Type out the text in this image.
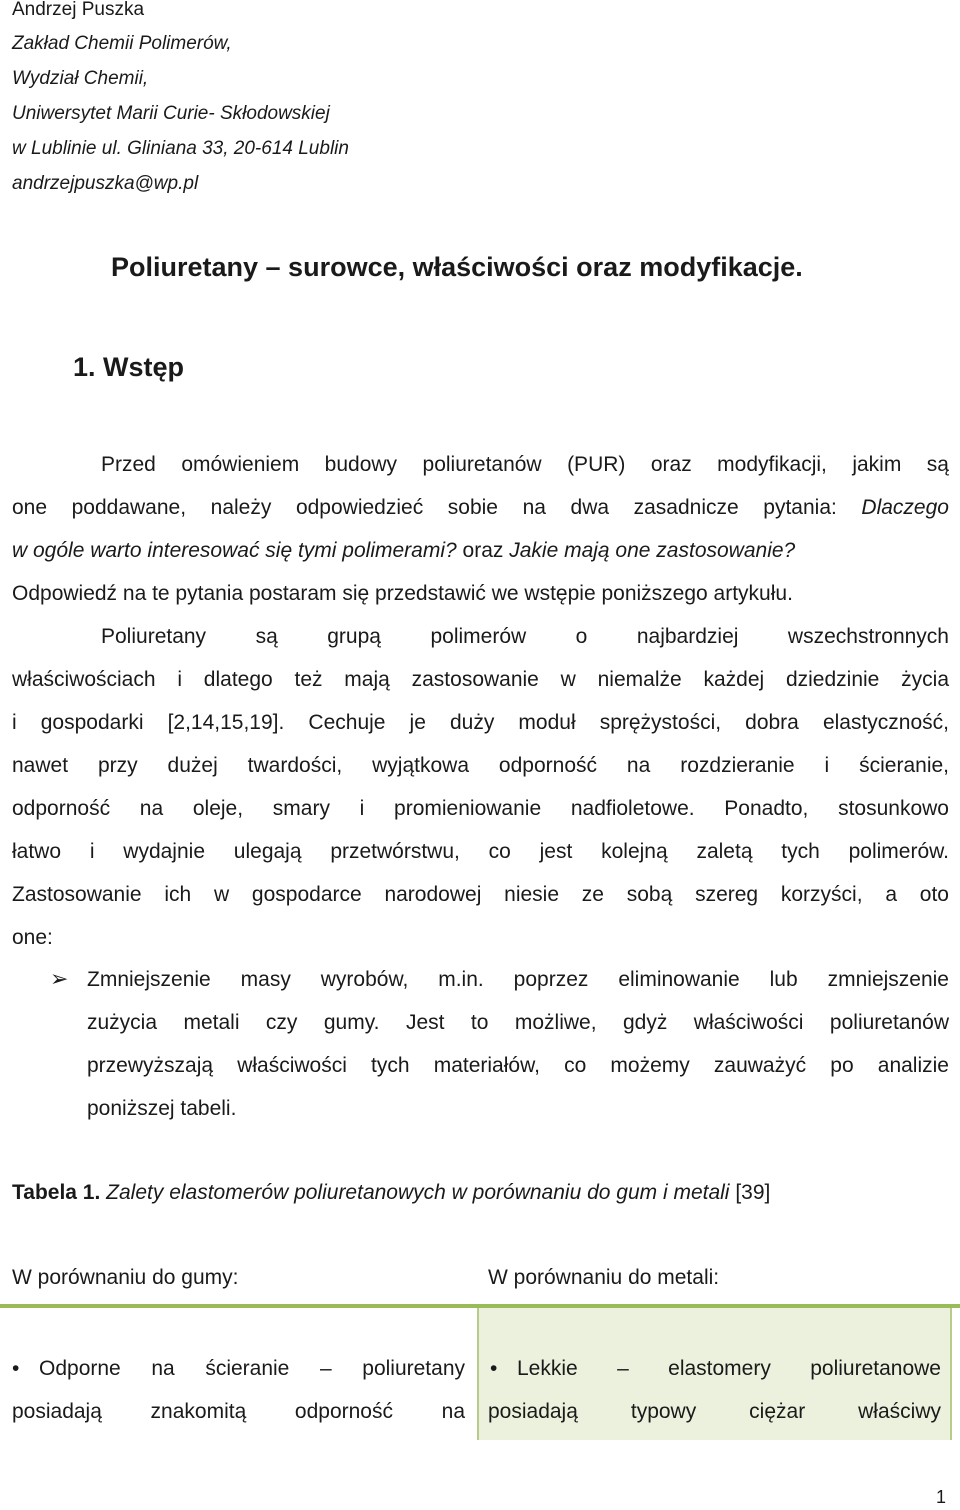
Andrzej Puszka
Zakład Chemii Polimerów,
Wydział Chemii,
Uniwersytet Marii Curie- Skłodowskiej
w Lublinie ul. Gliniana 33, 20-614 Lublin
andrzejpuszka@wp.pl
Poliuretany – surowce, właściwości oraz modyfikacje.
1. Wstęp
Przed omówieniem budowy poliuretanów (PUR) oraz modyfikacji, jakim są
one poddawane, należy odpowiedzieć sobie na dwa zasadnicze pytania: Dlaczego
w ogóle warto interesować się tymi polimerami? oraz Jakie mają one zastosowanie?
Odpowiedź na te pytania postaram się przedstawić we wstępie poniższego artykułu.
Poliuretany są grupą polimerów o najbardziej wszechstronnych
właściwościach i dlatego też mają zastosowanie w niemalże każdej dziedzinie życia
i gospodarki [2,14,15,19]. Cechuje je duży moduł sprężystości, dobra elastyczność,
nawet przy dużej twardości, wyjątkowa odporność na rozdzieranie i ścieranie,
odporność na oleje, smary i promieniowanie nadfioletowe. Ponadto, stosunkowo
łatwo i wydajnie ulegają przetwórstwu, co jest kolejną zaletą tych polimerów.
Zastosowanie ich w gospodarce narodowej niesie ze sobą szereg korzyści, a oto
one:
➢ Zmniejszenie masy wyrobów, m.in. poprzez eliminowanie lub zmniejszenie
zużycia metali czy gumy. Jest to możliwe, gdyż właściwości poliuretanów
przewyższają właściwości tych materiałów, co możemy zauważyć po analizie
poniższej tabeli.
Tabela 1. Zalety elastomerów poliuretanowych w porównaniu do gum i metali [39]
W porównaniu do gumy:	W porównaniu do metali:
• Odporne na ścieranie – poliuretany
posiadają znakomitą odporność na
• Lekkie – elastomery poliuretanowe
posiadają typowy ciężar właściwy
1
